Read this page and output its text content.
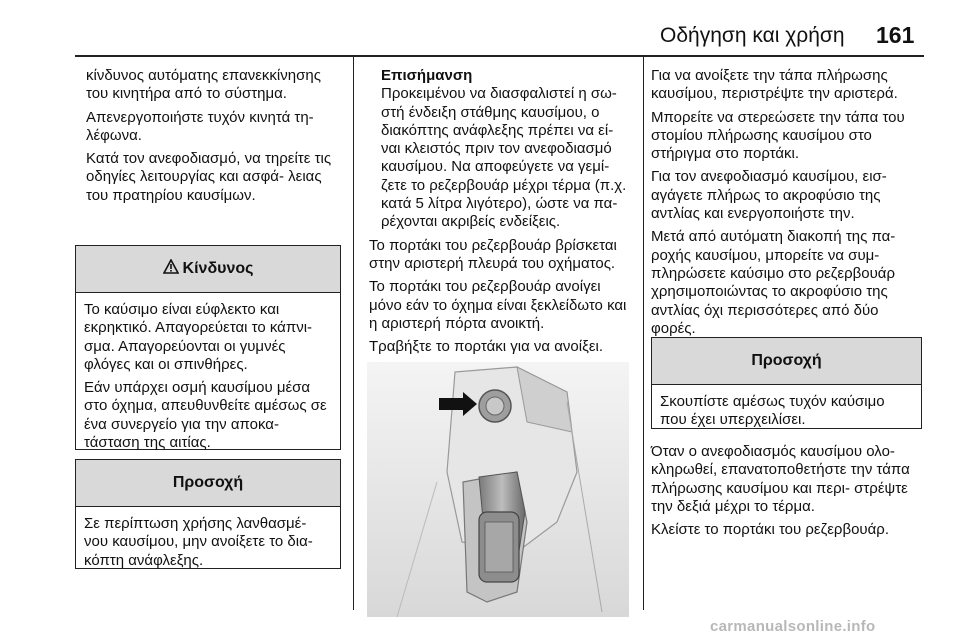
Οδήγηση και χρήση 161

κίνδυνος αυτόματης επανεκκίνησης του κινητήρα από το σύστημα.

Απενεργοποιήστε τυχόν κινητά τη- λέφωνα.

Κατά τον ανεφοδιασμό, να τηρείτε τις οδηγίες λειτουργίας και ασφά- λειας του πρατηρίου καυσίμων.

Κίνδυνος

Το καύσιμο είναι εύφλεκτο και εκρηκτικό. Απαγορεύεται το κάπνι- σμα. Απαγορεύονται οι γυμνές φλόγες και οι σπινθήρες.

Εάν υπάρχει οσμή καυσίμου μέσα στο όχημα, απευθυνθείτε αμέσως σε ένα συνεργείο για την αποκα- τάσταση της αιτίας.

Προσοχή

Σε περίπτωση χρήσης λανθασμέ- νου καυσίμου, μην ανοίξετε το δια- κόπτη ανάφλεξης.

Επισήμανση

Προκειμένου να διασφαλιστεί η σω- στή ένδειξη στάθμης καυσίμου, ο διακόπτης ανάφλεξης πρέπει να εί- ναι κλειστός πριν τον ανεφοδιασμό καυσίμου. Να αποφεύγετε να γεμί- ζετε το ρεζερβουάρ μέχρι τέρμα (π.χ. κατά 5 λίτρα λιγότερο), ώστε να πα- ρέχονται ακριβείς ενδείξεις.

Το πορτάκι του ρεζερβουάρ βρίσκεται στην αριστερή πλευρά του οχήματος.

Το πορτάκι του ρεζερβουάρ ανοίγει μόνο εάν το όχημα είναι ξεκλείδωτο και η αριστερή πόρτα ανοικτή.

Τραβήξτε το πορτάκι για να ανοίξει.

Για να ανοίξετε την τάπα πλήρωσης καυσίμου, περιστρέψτε την αριστερά.

Μπορείτε να στερεώσετε την τάπα του στομίου πλήρωσης καυσίμου στο στήριγμα στο πορτάκι.

Για τον ανεφοδιασμό καυσίμου, εισ- αγάγετε πλήρως το ακροφύσιο της αντλίας και ενεργοποιήστε την.

Μετά από αυτόματη διακοπή της πα- ροχής καυσίμου, μπορείτε να συμ- πληρώσετε καύσιμο στο ρεζερβουάρ χρησιμοποιώντας το ακροφύσιο της αντλίας όχι περισσότερες από δύο φορές.

Προσοχή

Σκουπίστε αμέσως τυχόν καύσιμο που έχει υπερχειλίσει.

Όταν ο ανεφοδιασμός καυσίμου ολο- κληρωθεί, επανατοποθετήστε την τάπα πλήρωσης καυσίμου και περι- στρέψτε την δεξιά μέχρι το τέρμα.

Κλείστε το πορτάκι του ρεζερβουάρ.

carmanualsonline.info
